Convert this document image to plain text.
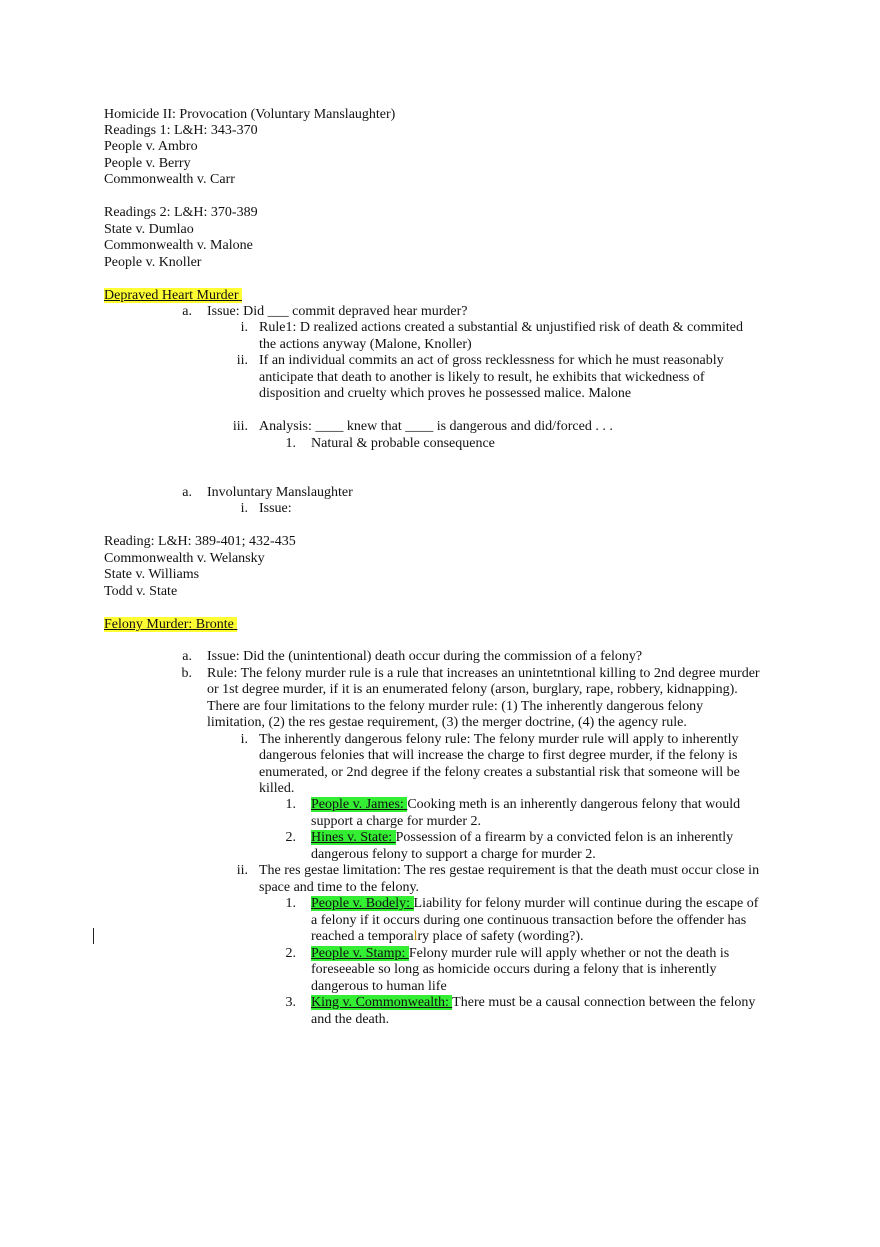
Homicide II: Provocation (Voluntary Manslaughter)
Readings 1: L&H: 343-370
People v. Ambro
People v. Berry
Commonwealth v. Carr
Readings 2: L&H: 370-389
State v. Dumlao
Commonwealth v. Malone
People v. Knoller
Depraved Heart Murder
a. Issue: Did ___ commit depraved hear murder?
i. Rule1: D realized actions created a substantial & unjustified risk of death & commited
the actions anyway (Malone, Knoller)
ii. If an individual commits an act of gross recklessness for which he must reasonably
anticipate that death to another is likely to result, he exhibits that wickedness of
disposition and cruelty which proves he possessed malice. Malone
iii. Analysis: ____ knew that ____ is dangerous and did/forced . . .
1. Natural & probable consequence
a. Involuntary Manslaughter
i. Issue:
Reading: L&H: 389-401; 432-435
Commonwealth v. Welansky
State v. Williams
Todd v. State
Felony Murder: Bronte
a. Issue: Did the (unintentional) death occur during the commission of a felony?
b. Rule: The felony murder rule is a rule that increases an unintetntional killing to 2nd degree murder
or 1st degree murder, if it is an enumerated felony (arson, burglary, rape, robbery, kidnapping).
There are four limitations to the felony murder rule: (1) The inherently dangerous felony
limitation, (2) the res gestae requirement, (3) the merger doctrine, (4) the agency rule.
i. The inherently dangerous felony rule: The felony murder rule will apply to inherently
dangerous felonies that will increase the charge to first degree murder, if the felony is
enumerated, or 2nd degree if the felony creates a substantial risk that someone will be
killed.
1. People v. James: Cooking meth is an inherently dangerous felony that would
support a charge for murder 2.
2. Hines v. State: Possession of a firearm by a convicted felon is an inherently
dangerous felony to support a charge for murder 2.
ii. The res gestae limitation: The res gestae requirement is that the death must occur close in
space and time to the felony.
1. People v. Bodely: Liability for felony murder will continue during the escape of
a felony if it occurs during one continuous transaction before the offender has
reached a temporalry place of safety (wording?).
2. People v. Stamp: Felony murder rule will apply whether or not the death is
foreseeable so long as homicide occurs during a felony that is inherently
dangerous to human life
3. King v. Commonwealth: There must be a causal connection between the felony
and the death.
